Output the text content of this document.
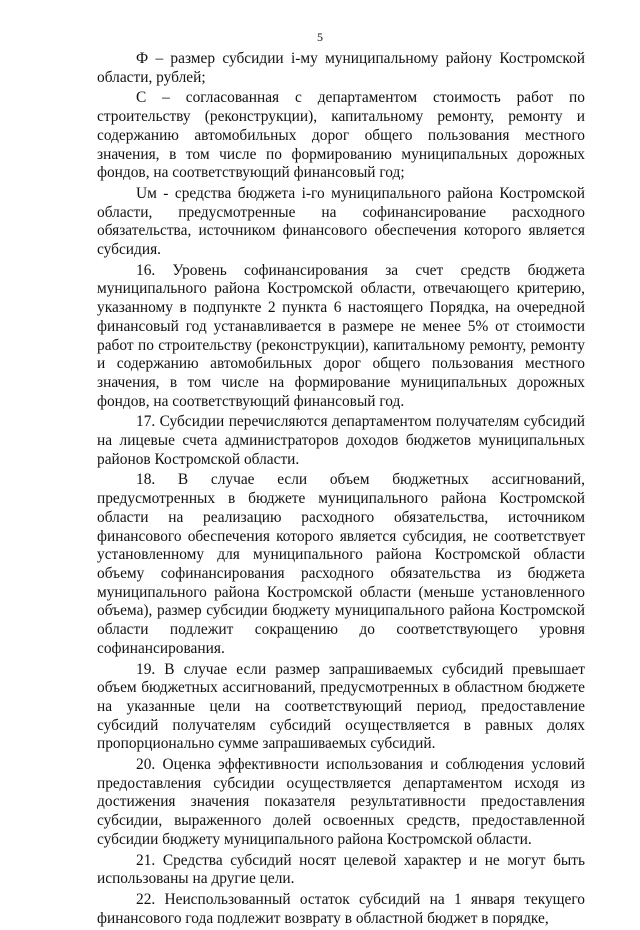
5

Ф – размер субсидии i-му муниципальному району Костромской области, рублей;

С – согласованная с департаментом стоимость работ по строительству (реконструкции), капитальному ремонту, ремонту и содержанию автомобильных дорог общего пользования местного значения, в том числе по формированию муниципальных дорожных фондов, на соответствующий финансовый год;

Uм - средства бюджета i-го муниципального района Костромской области, предусмотренные на софинансирование расходного обязательства, источником финансового обеспечения которого является субсидия.

16. Уровень софинансирования за счет средств бюджета муниципального района Костромской области, отвечающего критерию, указанному в подпункте 2 пункта 6 настоящего Порядка, на очередной финансовый год устанавливается в размере не менее 5% от стоимости работ по строительству (реконструкции), капитальному ремонту, ремонту и содержанию автомобильных дорог общего пользования местного значения, в том числе на формирование муниципальных дорожных фондов, на соответствующий финансовый год.

17. Субсидии перечисляются департаментом получателям субсидий на лицевые счета администраторов доходов бюджетов муниципальных районов Костромской области.

18. В случае если объем бюджетных ассигнований, предусмотренных в бюджете муниципального района Костромской области на реализацию расходного обязательства, источником финансового обеспечения которого является субсидия, не соответствует установленному для муниципального района Костромской области объему софинансирования расходного обязательства из бюджета муниципального района Костромской области (меньше установленного объема), размер субсидии бюджету муниципального района Костромской области подлежит сокращению до соответствующего уровня софинансирования.

19. В случае если размер запрашиваемых субсидий превышает объем бюджетных ассигнований, предусмотренных в областном бюджете на указанные цели на соответствующий период, предоставление субсидий получателям субсидий осуществляется в равных долях пропорционально сумме запрашиваемых субсидий.

20. Оценка эффективности использования и соблюдения условий предоставления субсидии осуществляется департаментом исходя из достижения значения показателя результативности предоставления субсидии, выраженного долей освоенных средств, предоставленной субсидии бюджету муниципального района Костромской области.

21. Средства субсидий носят целевой характер и не могут быть использованы на другие цели.

22. Неиспользованный остаток субсидий на 1 января текущего финансового года подлежит возврату в областной бюджет в порядке,
